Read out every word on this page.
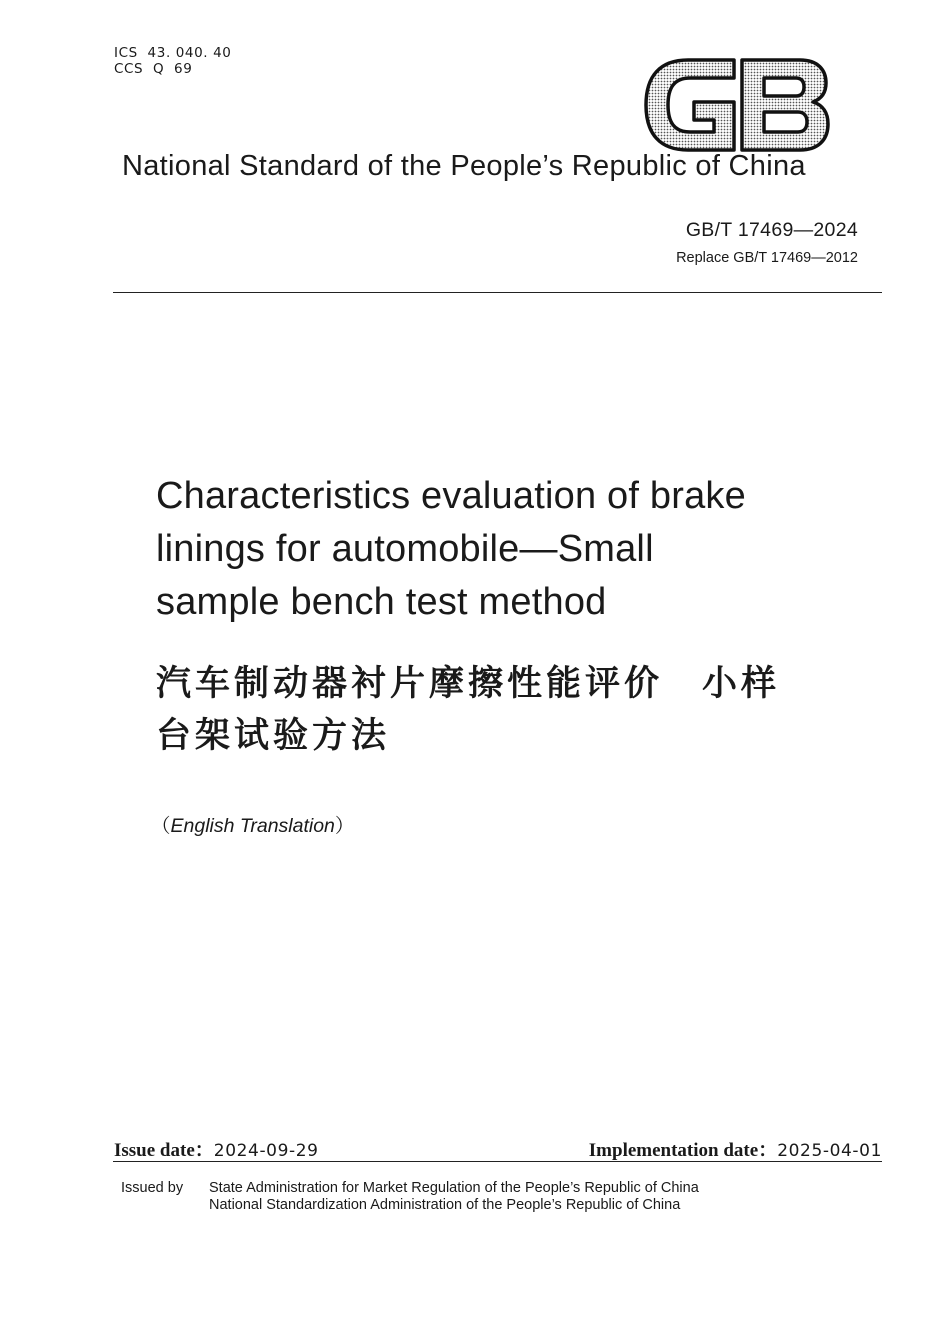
ICS  43. 040. 40
CCS  Q  69
National Standard of the People’s Republic of China
GB/T 17469—2024
Replace GB/T 17469—2012
Characteristics evaluation of brake
linings for automobile—Small
sample bench test method
汽车制动器衬片摩擦性能评价　小样
台架试验方法
（English Translation）
Issue date：2024-09-29	Implementation date：2025-04-01
Issued by State Administration for Market Regulation of the People’s Republic of China
National Standardization Administration of the People’s Republic of China
